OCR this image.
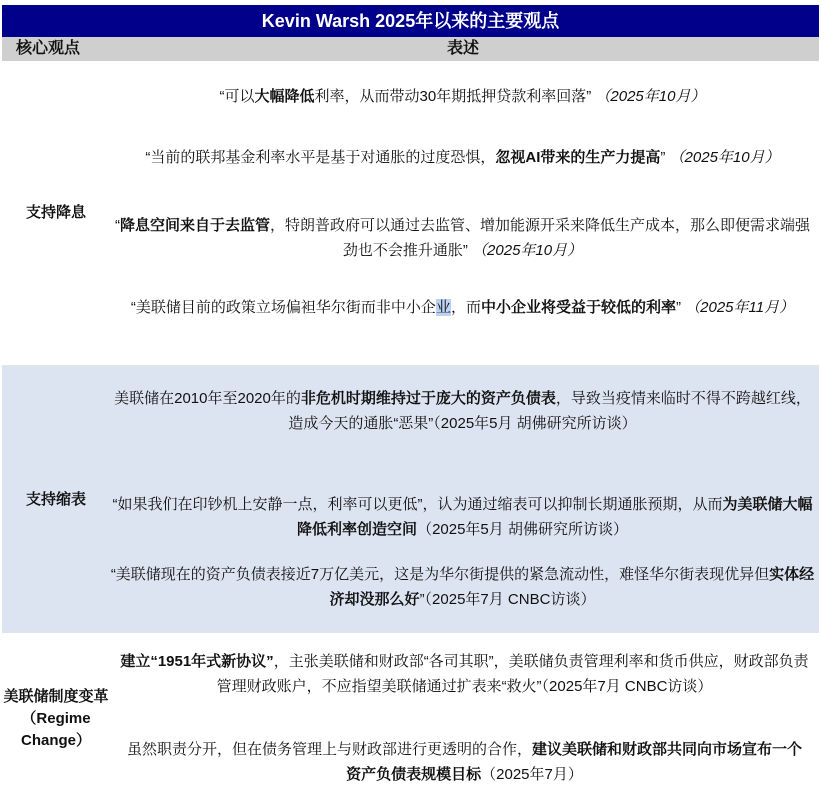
Kevin Warsh 2025年以来的主要观点
核心观点	表述
支持降息
“可以大幅降低利率，从而带动30年期抵押贷款利率回落” （2025年10月）
“当前的联邦基金利率水平是基于对通胀的过度恐惧，忽视AI带来的生产力提高” （2025年10月）
“降息空间来自于去监管，特朗普政府可以通过去监管、增加能源开采来降低生产成本，那么即便需求端强劲也不会推升通胀” （2025年10月）
“美联储目前的政策立场偏袒华尔街而非中小企业，而中小企业将受益于较低的利率” （2025年11月）
支持缩表
美联储在2010年至2020年的非危机时期维持过于庞大的资产负债表，导致当疫情来临时不得不跨越红线，造成今天的通胀“恶果”（2025年5月 胡佛研究所访谈）
“如果我们在印钞机上安静一点，利率可以更低”，认为通过缩表可以抑制长期通胀预期，从而为美联储大幅降低利率创造空间（2025年5月 胡佛研究所访谈）
“美联储现在的资产负债表接近7万亿美元，这是为华尔街提供的紧急流动性，难怪华尔街表现优异但实体经济却没那么好”（2025年7月 CNBC访谈）
美联储制度变革（Regime Change）
建立“1951年式新协议”，主张美联储和财政部“各司其职”，美联储负责管理利率和货币供应，财政部负责管理财政账户，不应指望美联储通过扩表来“救火”（2025年7月 CNBC访谈）
虽然职责分开，但在债务管理上与财政部进行更透明的合作，建议美联储和财政部共同向市场宣布一个资产负债表规模目标（2025年7月）
